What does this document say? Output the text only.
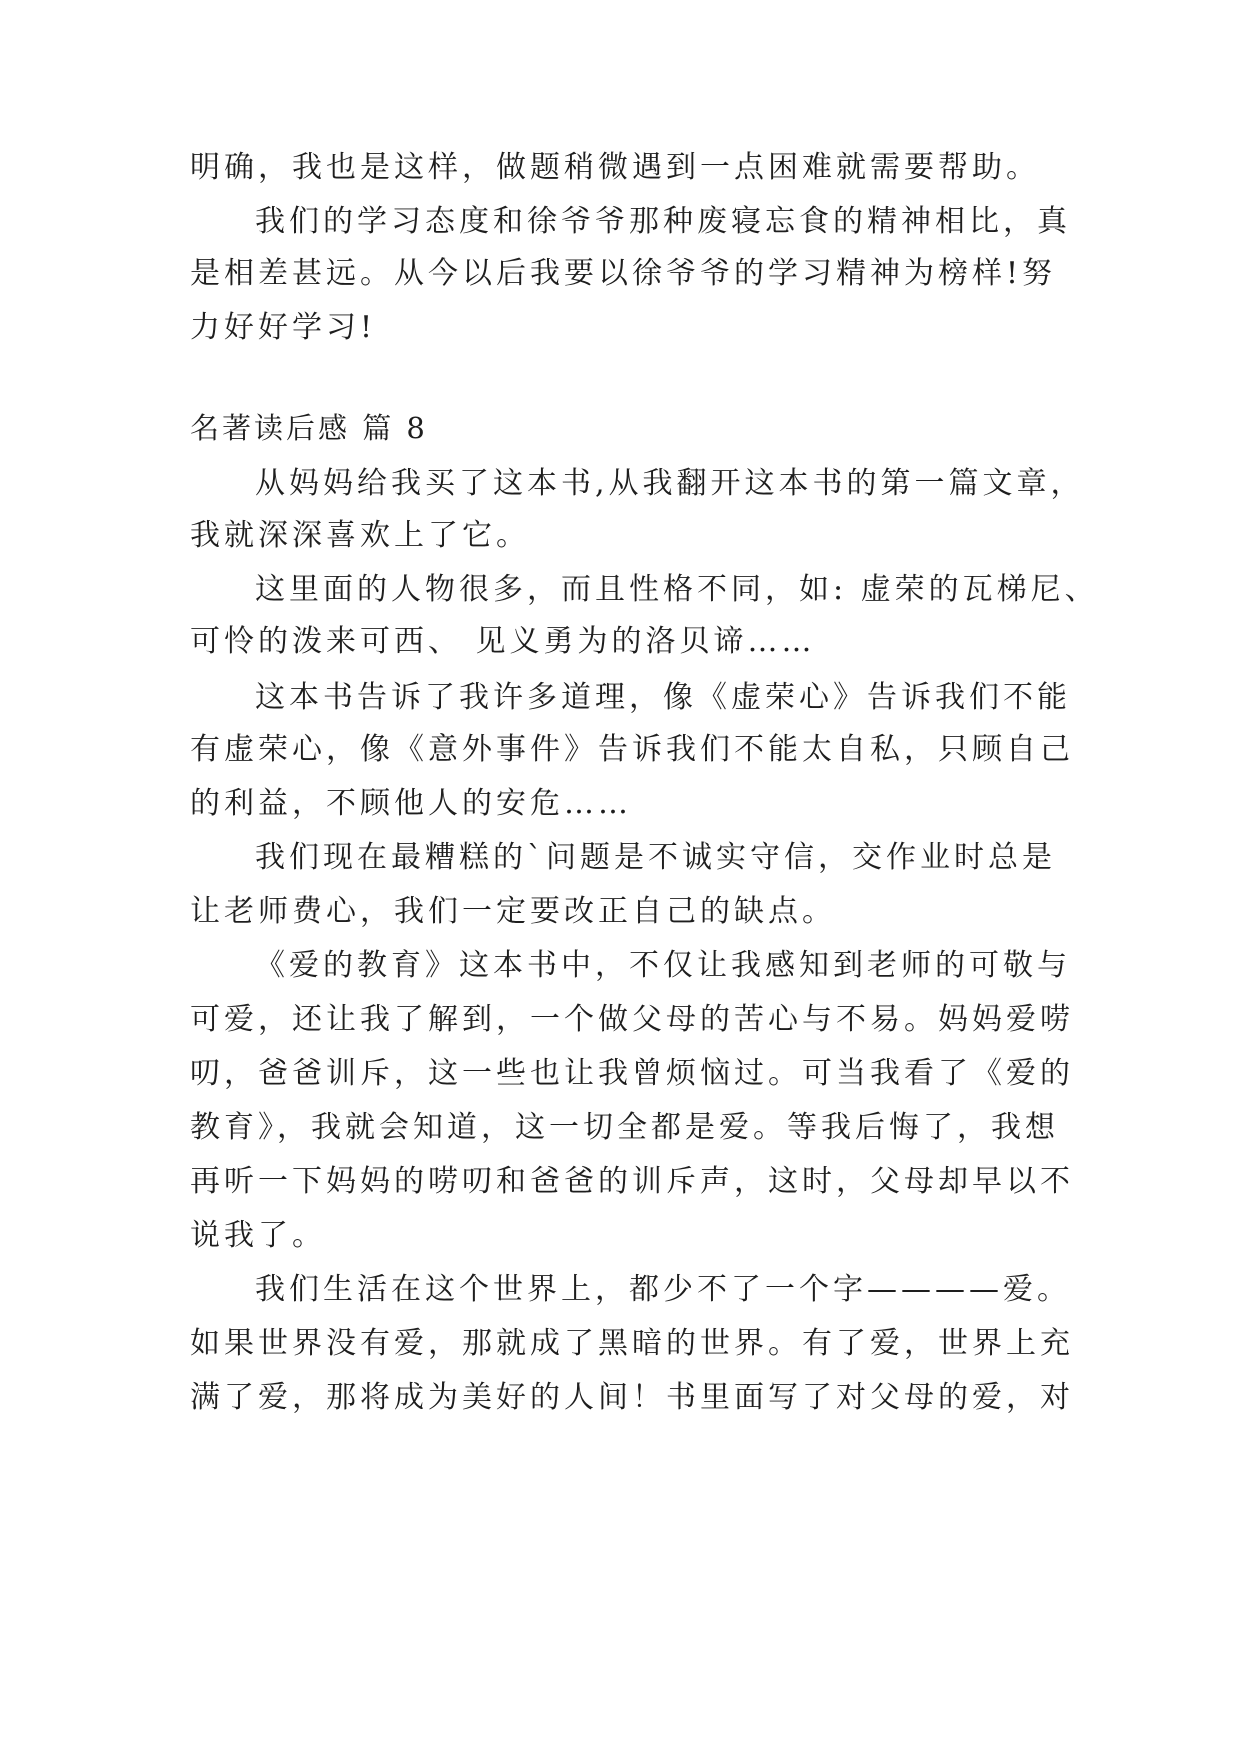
明确，我也是这样，做题稍微遇到一点困难就需要帮助。
我们的学习态度和徐爷爷那种废寝忘食的精神相比，真
是相差甚远。从今以后我要以徐爷爷的学习精神为榜样!努
力好好学习!
名著读后感 篇 8
从妈妈给我买了这本书,从我翻开这本书的第一篇文章，
我就深深喜欢上了它。
这里面的人物很多，而且性格不同，如: 虚荣的瓦梯尼、
可怜的泼来可西、 见义勇为的洛贝谛……
这本书告诉了我许多道理，像《虚荣心》告诉我们不能
有虚荣心，像《意外事件》告诉我们不能太自私，只顾自己
的利益，不顾他人的安危……
我们现在最糟糕的`问题是不诚实守信，交作业时总是
让老师费心，我们一定要改正自己的缺点。
《爱的教育》这本书中，不仅让我感知到老师的可敬与
可爱，还让我了解到，一个做父母的苦心与不易。妈妈爱唠
叨，爸爸训斥，这一些也让我曾烦恼过。可当我看了《爱的
教育》，我就会知道，这一切全都是爱。等我后悔了，我想
再听一下妈妈的唠叨和爸爸的训斥声，这时，父母却早以不
说我了。
我们生活在这个世界上，都少不了一个字————爱。
如果世界没有爱，那就成了黑暗的世界。有了爱，世界上充
满了爱，那将成为美好的人间！书里面写了对父母的爱，对
